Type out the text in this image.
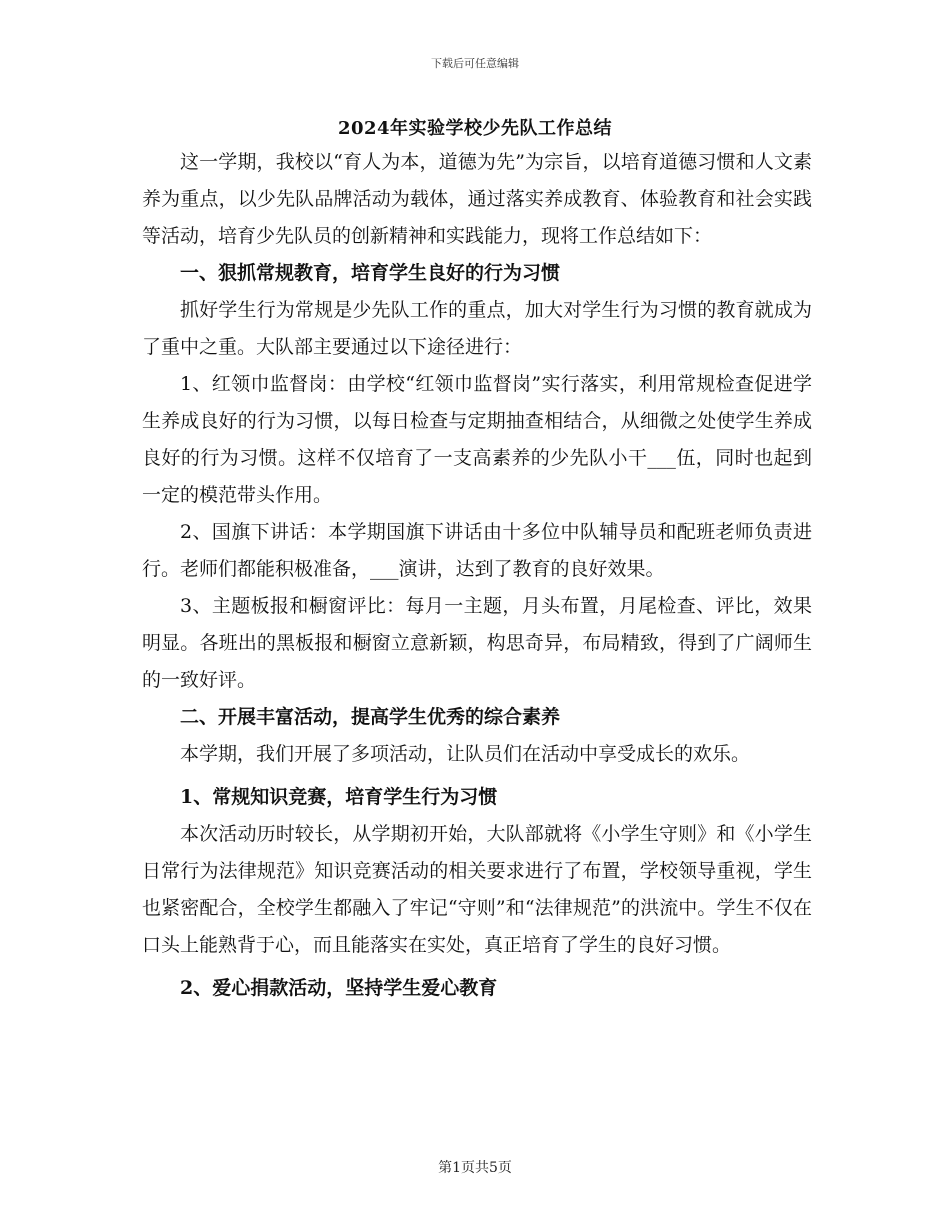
下载后可任意编辑
2024年实验学校少先队工作总结

这一学期，我校以“育人为本，道德为先”为宗旨，以培育道德习惯和人文素养为重点，以少先队品牌活动为载体，通过落实养成教育、体验教育和社会实践等活动，培育少先队员的创新精神和实践能力，现将工作总结如下：

一、狠抓常规教育，培育学生良好的行为习惯

抓好学生行为常规是少先队工作的重点，加大对学生行为习惯的教育就成为了重中之重。大队部主要通过以下途径进行：

1、红领巾监督岗：由学校“红领巾监督岗”实行落实，利用常规检查促进学生养成良好的行为习惯，以每日检查与定期抽查相结合，从细微之处使学生养成良好的行为习惯。这样不仅培育了一支高素养的少先队小干___伍，同时也起到一定的模范带头作用。

2、国旗下讲话：本学期国旗下讲话由十多位中队辅导员和配班老师负责进行。老师们都能积极准备，___演讲，达到了教育的良好效果。

3、主题板报和橱窗评比：每月一主题，月头布置，月尾检查、评比，效果明显。各班出的黑板报和橱窗立意新颖，构思奇异，布局精致，得到了广阔师生的一致好评。

二、开展丰富活动，提高学生优秀的综合素养

本学期，我们开展了多项活动，让队员们在活动中享受成长的欢乐。

1、常规知识竞赛，培育学生行为习惯

本次活动历时较长，从学期初开始，大队部就将《小学生守则》和《小学生日常行为法律规范》知识竞赛活动的相关要求进行了布置，学校领导重视，学生也紧密配合，全校学生都融入了牢记“守则”和“法律规范”的洪流中。学生不仅在口头上能熟背于心，而且能落实在实处，真正培育了学生的良好习惯。

2、爱心捐款活动，坚持学生爱心教育

第1页共5页
